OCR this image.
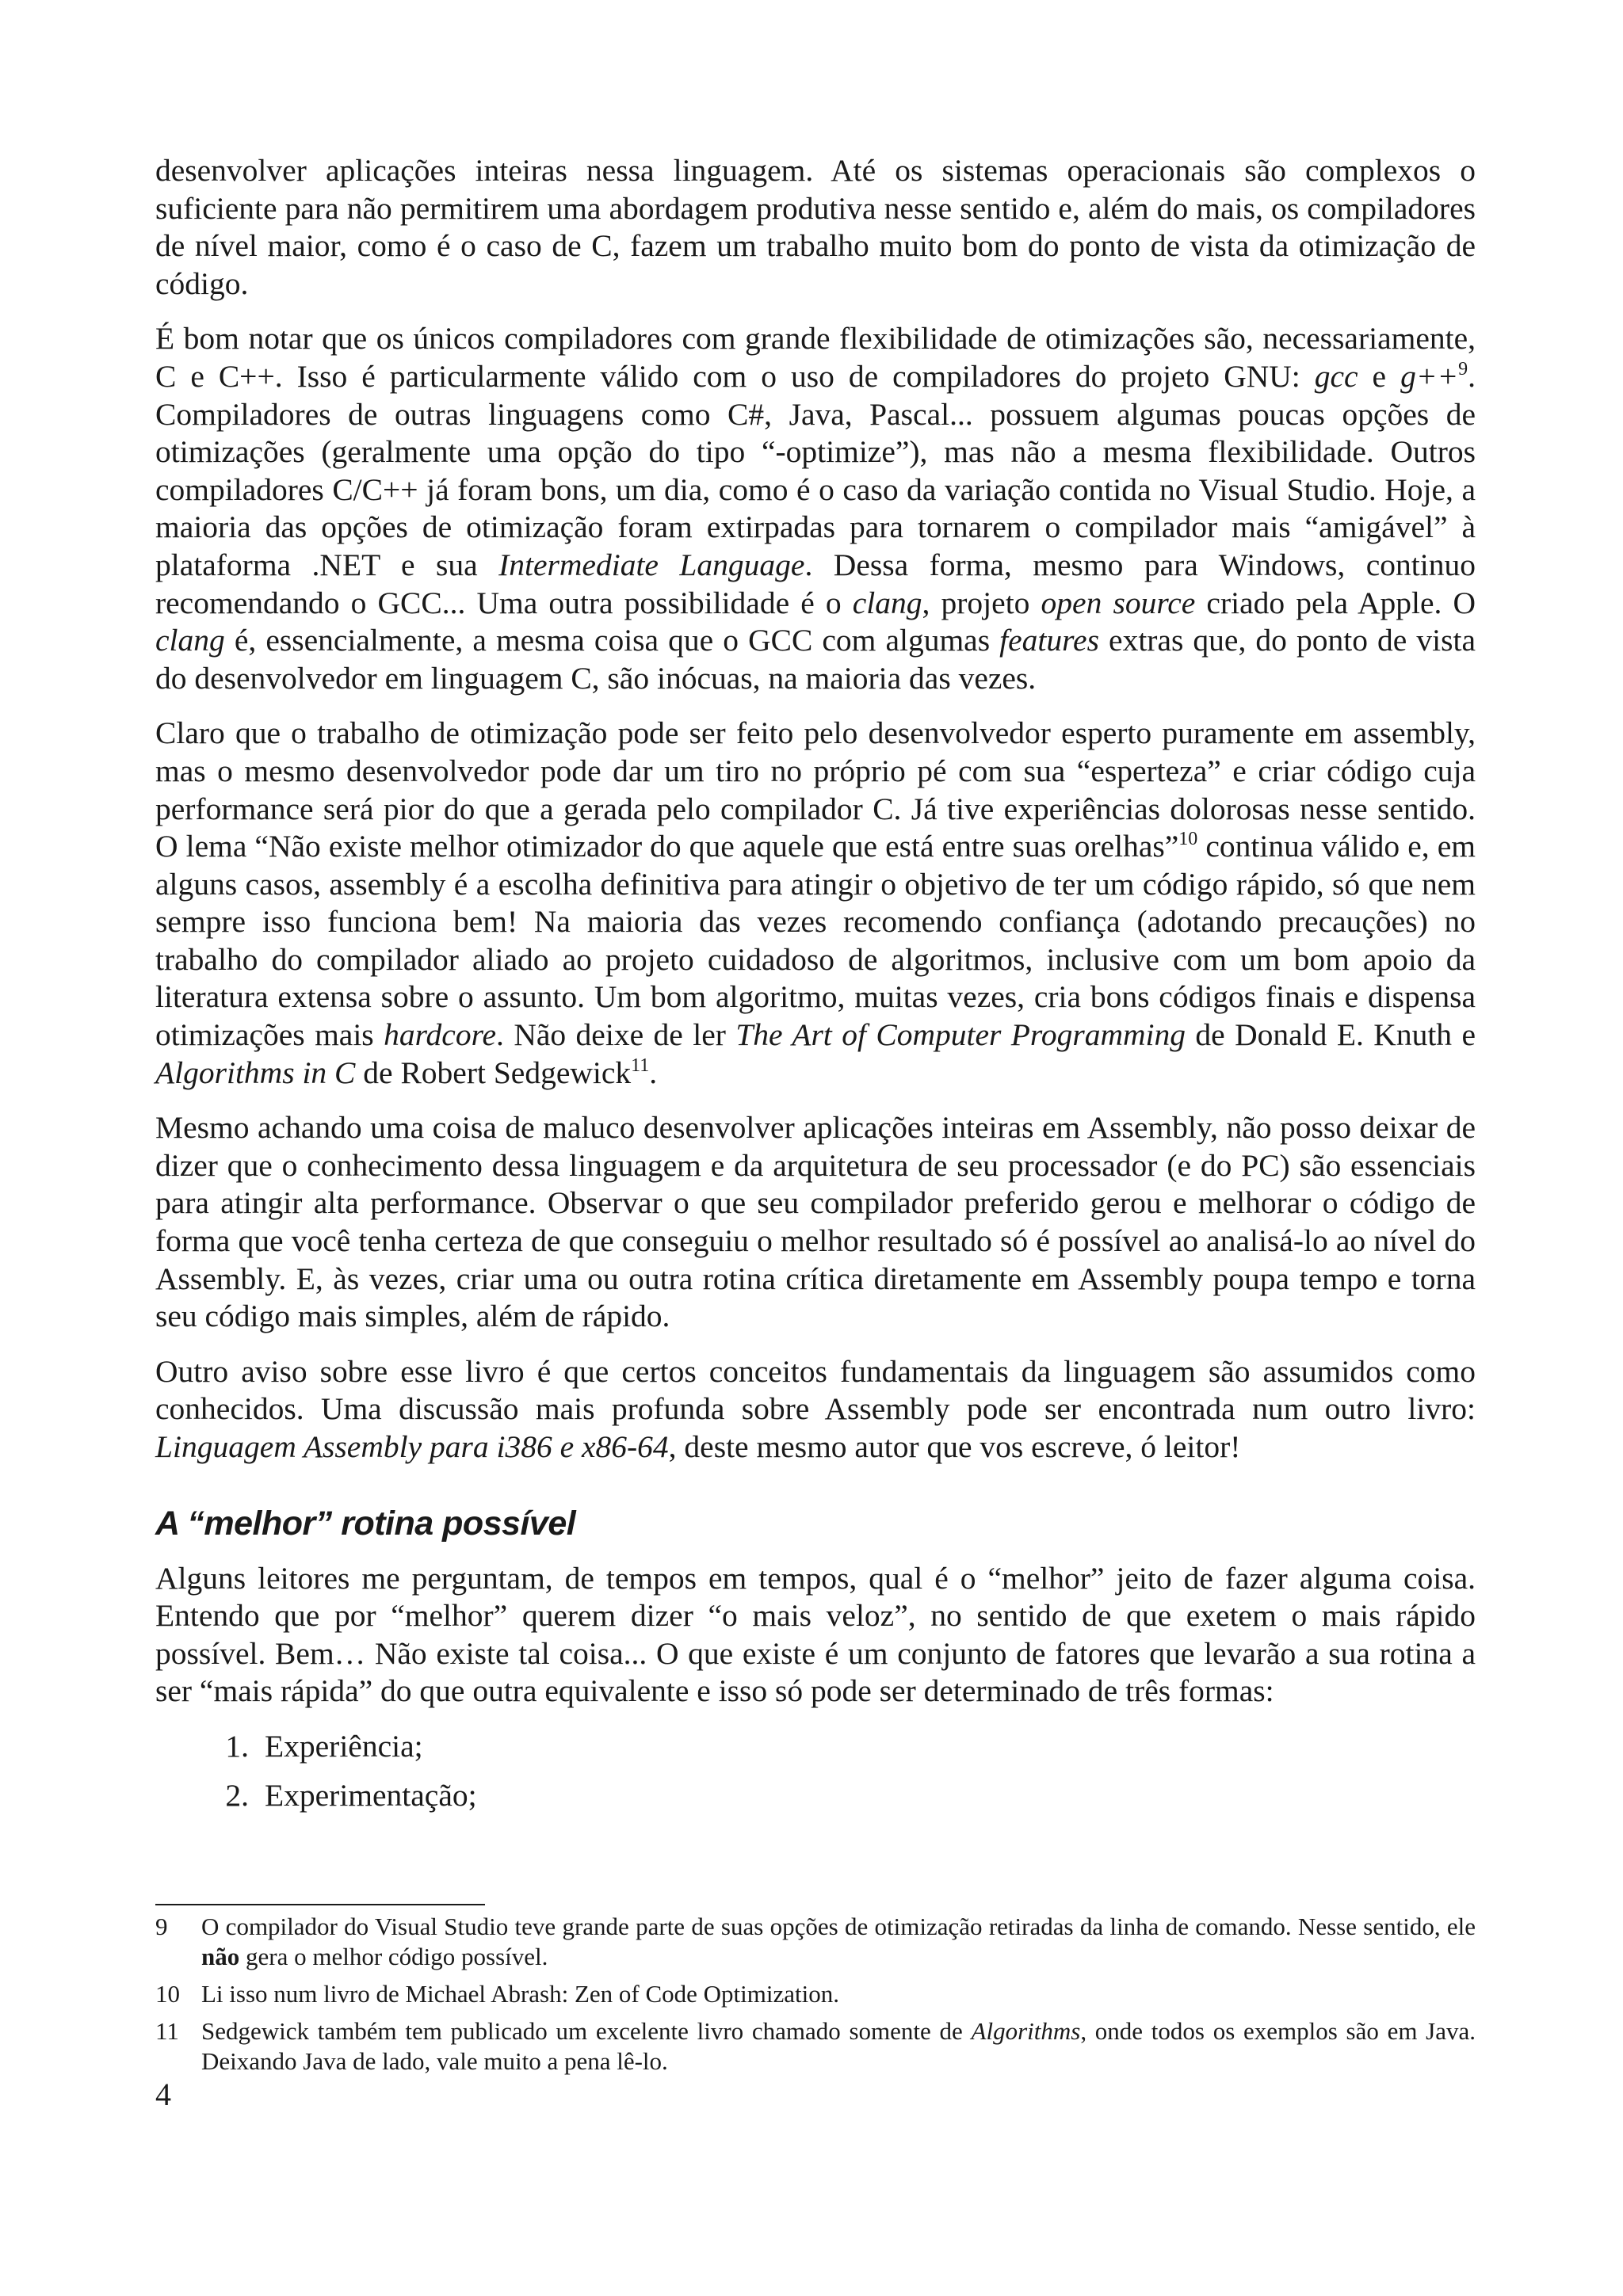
desenvolver aplicações inteiras nessa linguagem. Até os sistemas operacionais são complexos o suficiente para não permitirem uma abordagem produtiva nesse sentido e, além do mais, os compiladores de nível maior, como é o caso de C, fazem um trabalho muito bom do ponto de vista da otimização de código.

É bom notar que os únicos compiladores com grande flexibilidade de otimizações são, necessariamente, C e C++. Isso é particularmente válido com o uso de compiladores do projeto GNU: gcc e g++$^9$. Compiladores de outras linguagens como C#, Java, Pascal... possuem algumas poucas opções de otimizações (geralmente uma opção do tipo “-optimize”), mas não a mesma flexibilidade. Outros compiladores C/C++ já foram bons, um dia, como é o caso da variação contida no Visual Studio. Hoje, a maioria das opções de otimização foram extirpadas para tornarem o compilador mais “amigável” à plataforma .NET e sua Intermediate Language. Dessa forma, mesmo para Windows, continuo recomendando o GCC... Uma outra possibilidade é o clang, projeto open source criado pela Apple. O clang é, essencialmente, a mesma coisa que o GCC com algumas features extras que, do ponto de vista do desenvolvedor em linguagem C, são inócuas, na maioria das vezes.

Claro que o trabalho de otimização pode ser feito pelo desenvolvedor esperto puramente em assembly, mas o mesmo desenvolvedor pode dar um tiro no próprio pé com sua “esperteza” e criar código cuja performance será pior do que a gerada pelo compilador C. Já tive experiências dolorosas nesse sentido. O lema “Não existe melhor otimizador do que aquele que está entre suas orelhas”$^{10}$ continua válido e, em alguns casos, assembly é a escolha definitiva para atingir o objetivo de ter um código rápido, só que nem sempre isso funciona bem! Na maioria das vezes recomendo confiança (adotando precauções) no trabalho do compilador aliado ao projeto cuidadoso de algoritmos, inclusive com um bom apoio da literatura extensa sobre o assunto. Um bom algoritmo, muitas vezes, cria bons códigos finais e dispensa otimizações mais hardcore. Não deixe de ler The Art of Computer Programming de Donald E. Knuth e Algorithms in C de Robert Sedgewick$^{11}$.

Mesmo achando uma coisa de maluco desenvolver aplicações inteiras em Assembly, não posso deixar de dizer que o conhecimento dessa linguagem e da arquitetura de seu processador (e do PC) são essenciais para atingir alta performance. Observar o que seu compilador preferido gerou e melhorar o código de forma que você tenha certeza de que conseguiu o melhor resultado só é possível ao analisá-lo ao nível do Assembly. E, às vezes, criar uma ou outra rotina crítica diretamente em Assembly poupa tempo e torna seu código mais simples, além de rápido.

Outro aviso sobre esse livro é que certos conceitos fundamentais da linguagem são assumidos como conhecidos. Uma discussão mais profunda sobre Assembly pode ser encontrada num outro livro: Linguagem Assembly para i386 e x86-64, deste mesmo autor que vos escreve, ó leitor!

A “melhor” rotina possível

Alguns leitores me perguntam, de tempos em tempos, qual é o “melhor” jeito de fazer alguma coisa. Entendo que por “melhor” querem dizer “o mais veloz”, no sentido de que exetem o mais rápido possível. Bem… Não existe tal coisa... O que existe é um conjunto de fatores que levarão a sua rotina a ser “mais rápida” do que outra equivalente e isso só pode ser determinado de três formas:

1. Experiência;
2. Experimentação;
9	O compilador do Visual Studio teve grande parte de suas opções de otimização retiradas da linha de comando. Nesse sentido, ele não gera o melhor código possível.
10 Li isso num livro de Michael Abrash: Zen of Code Optimization.
11 Sedgewick também tem publicado um excelente livro chamado somente de Algorithms, onde todos os exemplos são em Java. Deixando Java de lado, vale muito a pena lê-lo.
4
